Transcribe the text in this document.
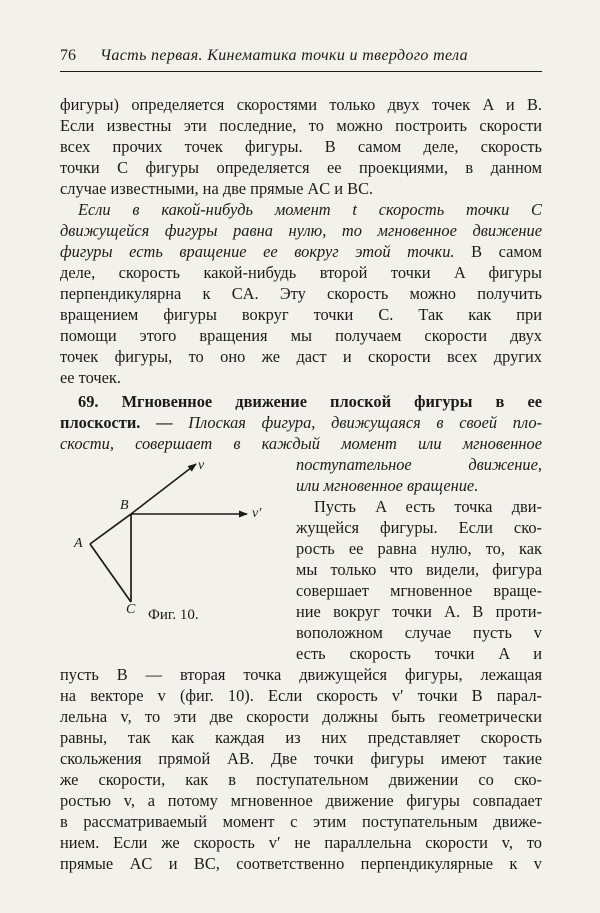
76 Часть первая. Кинематика точки и твердого тела
фигуры) определяется скоростями только двух точек A и B.
Если известны эти последние, то можно построить скорости
всех прочих точек фигуры. В самом деле, скорость
точки C фигуры определяется ее проекциями, в данном
случае известными, на две прямые AC и BC.
Если в какой-нибудь момент t скорость точки C
движущейся фигуры равна нулю, то мгновенное движение
фигуры есть вращение ее вокруг этой точки. В самом
деле, скорость какой-нибудь второй точки A фигуры
перпендикулярна к CA. Эту скорость можно получить
вращением фигуры вокруг точки C. Так как при
помощи этого вращения мы получаем скорости двух
точек фигуры, то оно же даст и скорости всех других
ее точек.
69. Мгновенное движение плоской фигуры в ее
плоскости. — Плоская фигура, движущаяся в своей пло-
скости, совершает в каждый момент или мгновенное
поступательное движение,
или мгновенное вращение.
Пусть A есть точка дви-
жущейся фигуры. Если ско-
рость ее равна нулю, то, как
мы только что видели, фигура
совершает мгновенное враще-
ние вокруг точки A. В проти-
воположном случае пусть v
есть скорость точки A и
пусть B — вторая точка движущейся фигуры, лежащая
на векторе v (фиг. 10). Если скорость v′ точки B парал-
лельна v, то эти две скорости должны быть геометрически
равны, так как каждая из них представляет скорость
скольжения прямой AB. Две точки фигуры имеют такие
же скорости, как в поступательном движении со ско-
ростью v, а потому мгновенное движение фигуры совпадает
в рассматриваемый момент с этим поступательным движе-
нием. Если же скорость v′ не параллельна скорости v, то
прямые AC и BC, соответственно перпендикулярные к v
A
B
C
v
v′
Фиг. 10.
